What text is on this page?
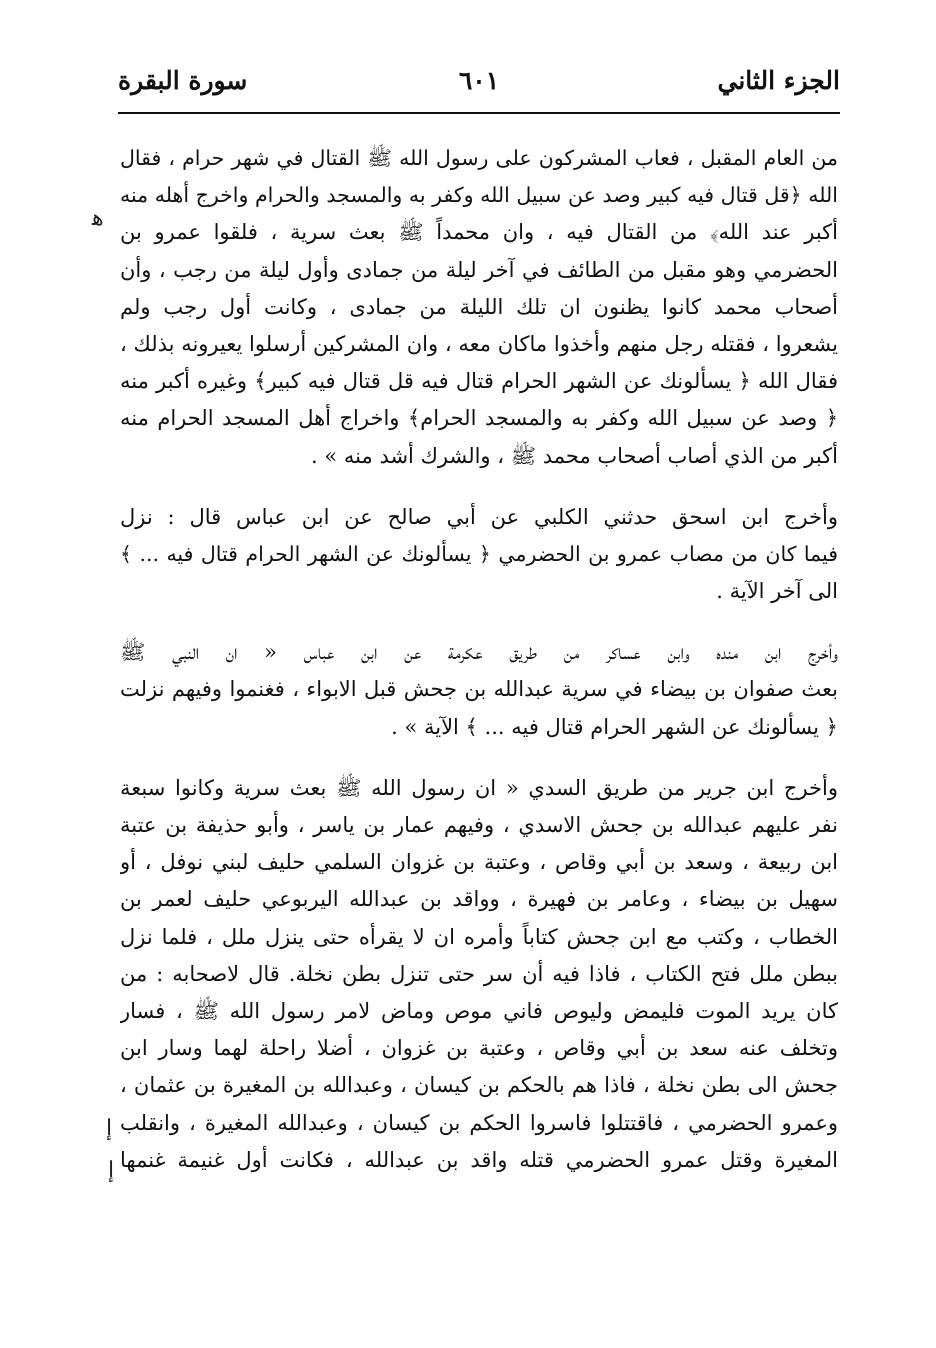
الجزء الثاني
٦٠١
سورة البقرة
ﻫ
إ
إ
من العام المقبل ، فعاب المشركون على رسول الله ﷺ القتال في شهر حرام ، فقال
الله ﴿قل قتال فيه كبير وصد عن سبيل الله وكفر به والمسجد والحرام واخرج أهله منه
أكبر عند الله﴾ من القتال فيه ، وان محمداً ﷺ بعث سرية ، فلقوا عمرو بن
الحضرمي وهو مقبل من الطائف في آخر ليلة من جمادى وأول ليلة من رجب ، وأن
أصحاب محمد كانوا يظنون ان تلك الليلة من جمادى ، وكانت أول رجب ولم
يشعروا ، فقتله رجل منهم وأخذوا ماكان معه ، وان المشركين أرسلوا يعيرونه بذلك ،
فقال الله ﴿ يسألونك عن الشهر الحرام قتال فيه قل قتال فيه كبير﴾ وغيره أكبر منه
﴿ وصد عن سبيل الله وكفر به والمسجد الحرام﴾ واخراج أهل المسجد الحرام منه
أكبر من الذي أصاب أصحاب محمد ﷺ ، والشرك أشد منه » .
وأخرج ابن اسحق حدثني الكلبي عن أبي صالح عن ابن عباس قال : نزل
فيما كان من مصاب عمرو بن الحضرمي ﴿ يسألونك عن الشهر الحرام قتال فيه ... ﴾
الى آخر الآية .
وأخرج ابن منده وابن عساكر من طريق عكرمة عن ابن عباس « ان النبي ﷺ
بعث صفوان بن بيضاء في سرية عبدالله بن جحش قبل الابواء ، فغنموا وفيهم نزلت
﴿ يسألونك عن الشهر الحرام قتال فيه ... ﴾ الآية » .
وأخرج ابن جرير من طريق السدي « ان رسول الله ﷺ بعث سرية وكانوا سبعة
نفر عليهم عبدالله بن جحش الاسدي ، وفيهم عمار بن ياسر ، وأبو حذيفة بن عتبة
ابن ربيعة ، وسعد بن أبي وقاص ، وعتبة بن غزوان السلمي حليف لبني نوفل ، أو
سهيل بن بيضاء ، وعامر بن فهيرة ، وواقد بن عبدالله اليربوعي حليف لعمر بن
الخطاب ، وكتب مع ابن جحش كتاباً وأمره ان لا يقرأه حتى ينزل ملل ، فلما نزل
ببطن ملل فتح الكتاب ، فاذا فيه أن سر حتى تنزل بطن نخلة. قال لاصحابه : من
كان يريد الموت فليمض وليوص فاني موص وماض لامر رسول الله ﷺ ، فسار
وتخلف عنه سعد بن أبي وقاص ، وعتبة بن غزوان ، أضلا راحلة لهما وسار ابن
جحش الى بطن نخلة ، فاذا هم بالحكم بن كيسان ، وعبدالله بن المغيرة بن عثمان ،
وعمرو الحضرمي ، فاقتتلوا فاسروا الحكم بن كيسان ، وعبدالله المغيرة ، وانقلب
المغيرة وقتل عمرو الحضرمي قتله واقد بن عبدالله ، فكانت أول غنيمة غنمها
